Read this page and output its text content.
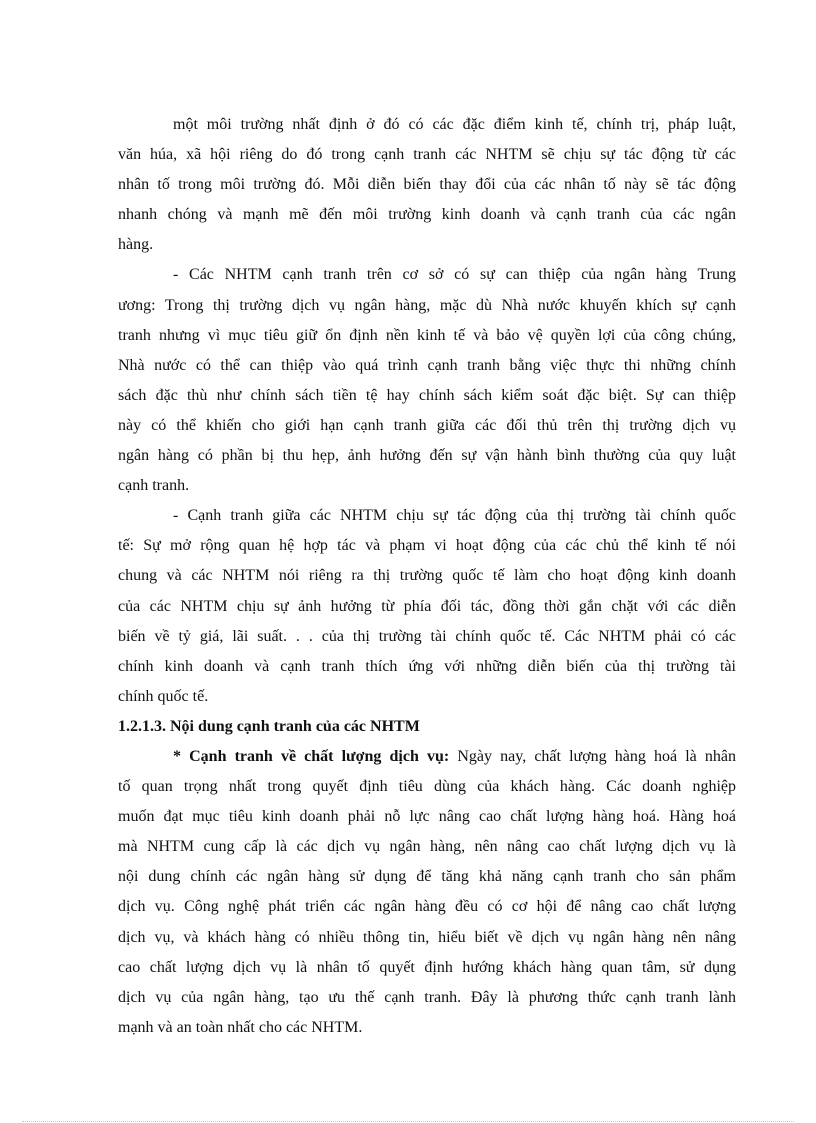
một môi trường nhất định ở đó có các đặc điểm kinh tế, chính trị, pháp luật,
văn húa, xã hội riêng do đó trong cạnh tranh các NHTM sẽ chịu sự tác động từ các
nhân tố trong môi trường đó. Mỗi diễn biến thay đổi của các nhân tố này sẽ tác động
nhanh chóng và mạnh mẽ đến môi trường kinh doanh và cạnh tranh của các ngân
hàng.
- Các NHTM cạnh tranh trên cơ sở có sự can thiệp của ngân hàng Trung
ương: Trong thị trường dịch vụ ngân hàng, mặc dù Nhà nước khuyến khích sự cạnh
tranh nhưng vì mục tiêu giữ ổn định nền kinh tế và bảo vệ quyền lợi của công chúng,
Nhà nước có thể can thiệp vào quá trình cạnh tranh bằng việc thực thi những chính
sách đặc thù như chính sách tiền tệ hay chính sách kiểm soát đặc biệt. Sự can thiệp
này có thể khiến cho giới hạn cạnh tranh giữa các đối thủ trên thị trường dịch vụ
ngân hàng có phần bị thu hẹp, ảnh hưởng đến sự vận hành bình thường của quy luật
cạnh tranh.
- Cạnh tranh giữa các NHTM chịu sự tác động của thị trường tài chính quốc
tế: Sự mở rộng quan hệ hợp tác và phạm vi hoạt động của các chủ thể kinh tế nói
chung và các NHTM nói riêng ra thị trường quốc tế làm cho hoạt động kinh doanh
của các NHTM chịu sự ảnh hưởng từ phía đối tác, đồng thời gắn chặt với các diễn
biến về tỷ giá, lãi suất. . . của thị trường tài chính quốc tế. Các NHTM phải có các
chính kinh doanh và cạnh tranh thích ứng với những diễn biến của thị trường tài
chính quốc tế.
1.2.1.3. Nội dung cạnh tranh của các NHTM
* Cạnh tranh về chất lượng dịch vụ: Ngày nay, chất lượng hàng hoá là nhân
tố quan trọng nhất trong quyết định tiêu dùng của khách hàng. Các doanh nghiệp
muốn đạt mục tiêu kinh doanh phải nỗ lực nâng cao chất lượng hàng hoá. Hàng hoá
mà NHTM cung cấp là các dịch vụ ngân hàng, nên nâng cao chất lượng dịch vụ là
nội dung chính các ngân hàng sử dụng để tăng khả năng cạnh tranh cho sản phẩm
dịch vụ. Công nghệ phát triển các ngân hàng đều có cơ hội để nâng cao chất lượng
dịch vụ, và khách hàng có nhiều thông tin, hiểu biết về dịch vụ ngân hàng nên nâng
cao chất lượng dịch vụ là nhân tố quyết định hướng khách hàng quan tâm, sử dụng
dịch vụ của ngân hàng, tạo ưu thế cạnh tranh. Đây là phương thức cạnh tranh lành
mạnh và an toàn nhất cho các NHTM.
